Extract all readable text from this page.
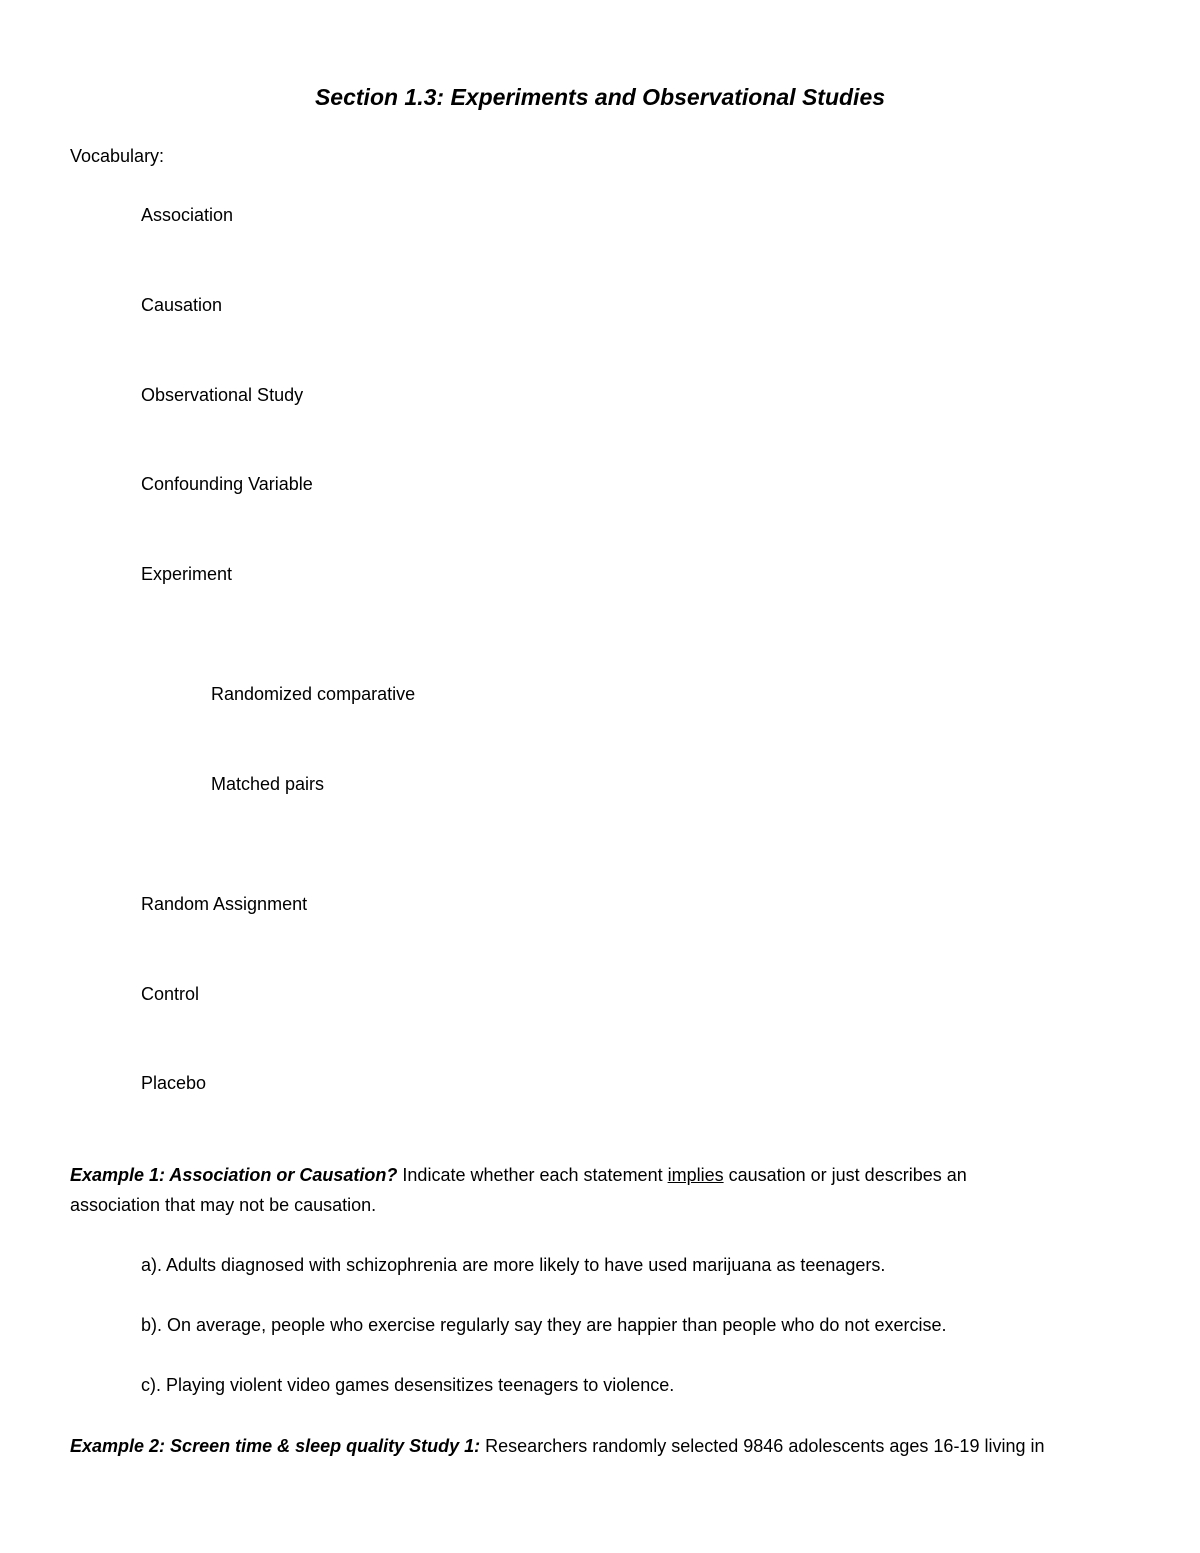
Section 1.3: Experiments and Observational Studies
Vocabulary:
Association
Causation
Observational Study
Confounding Variable
Experiment
Randomized comparative
Matched pairs
Random Assignment
Control
Placebo
Example 1: Association or Causation? Indicate whether each statement implies causation or just describes an
association that may not be causation.
a). Adults diagnosed with schizophrenia are more likely to have used marijuana as teenagers.
b). On average, people who exercise regularly say they are happier than people who do not exercise.
c). Playing violent video games desensitizes teenagers to violence.
Example 2: Screen time & sleep quality Study 1: Researchers randomly selected 9846 adolescents ages 16-19 living in
